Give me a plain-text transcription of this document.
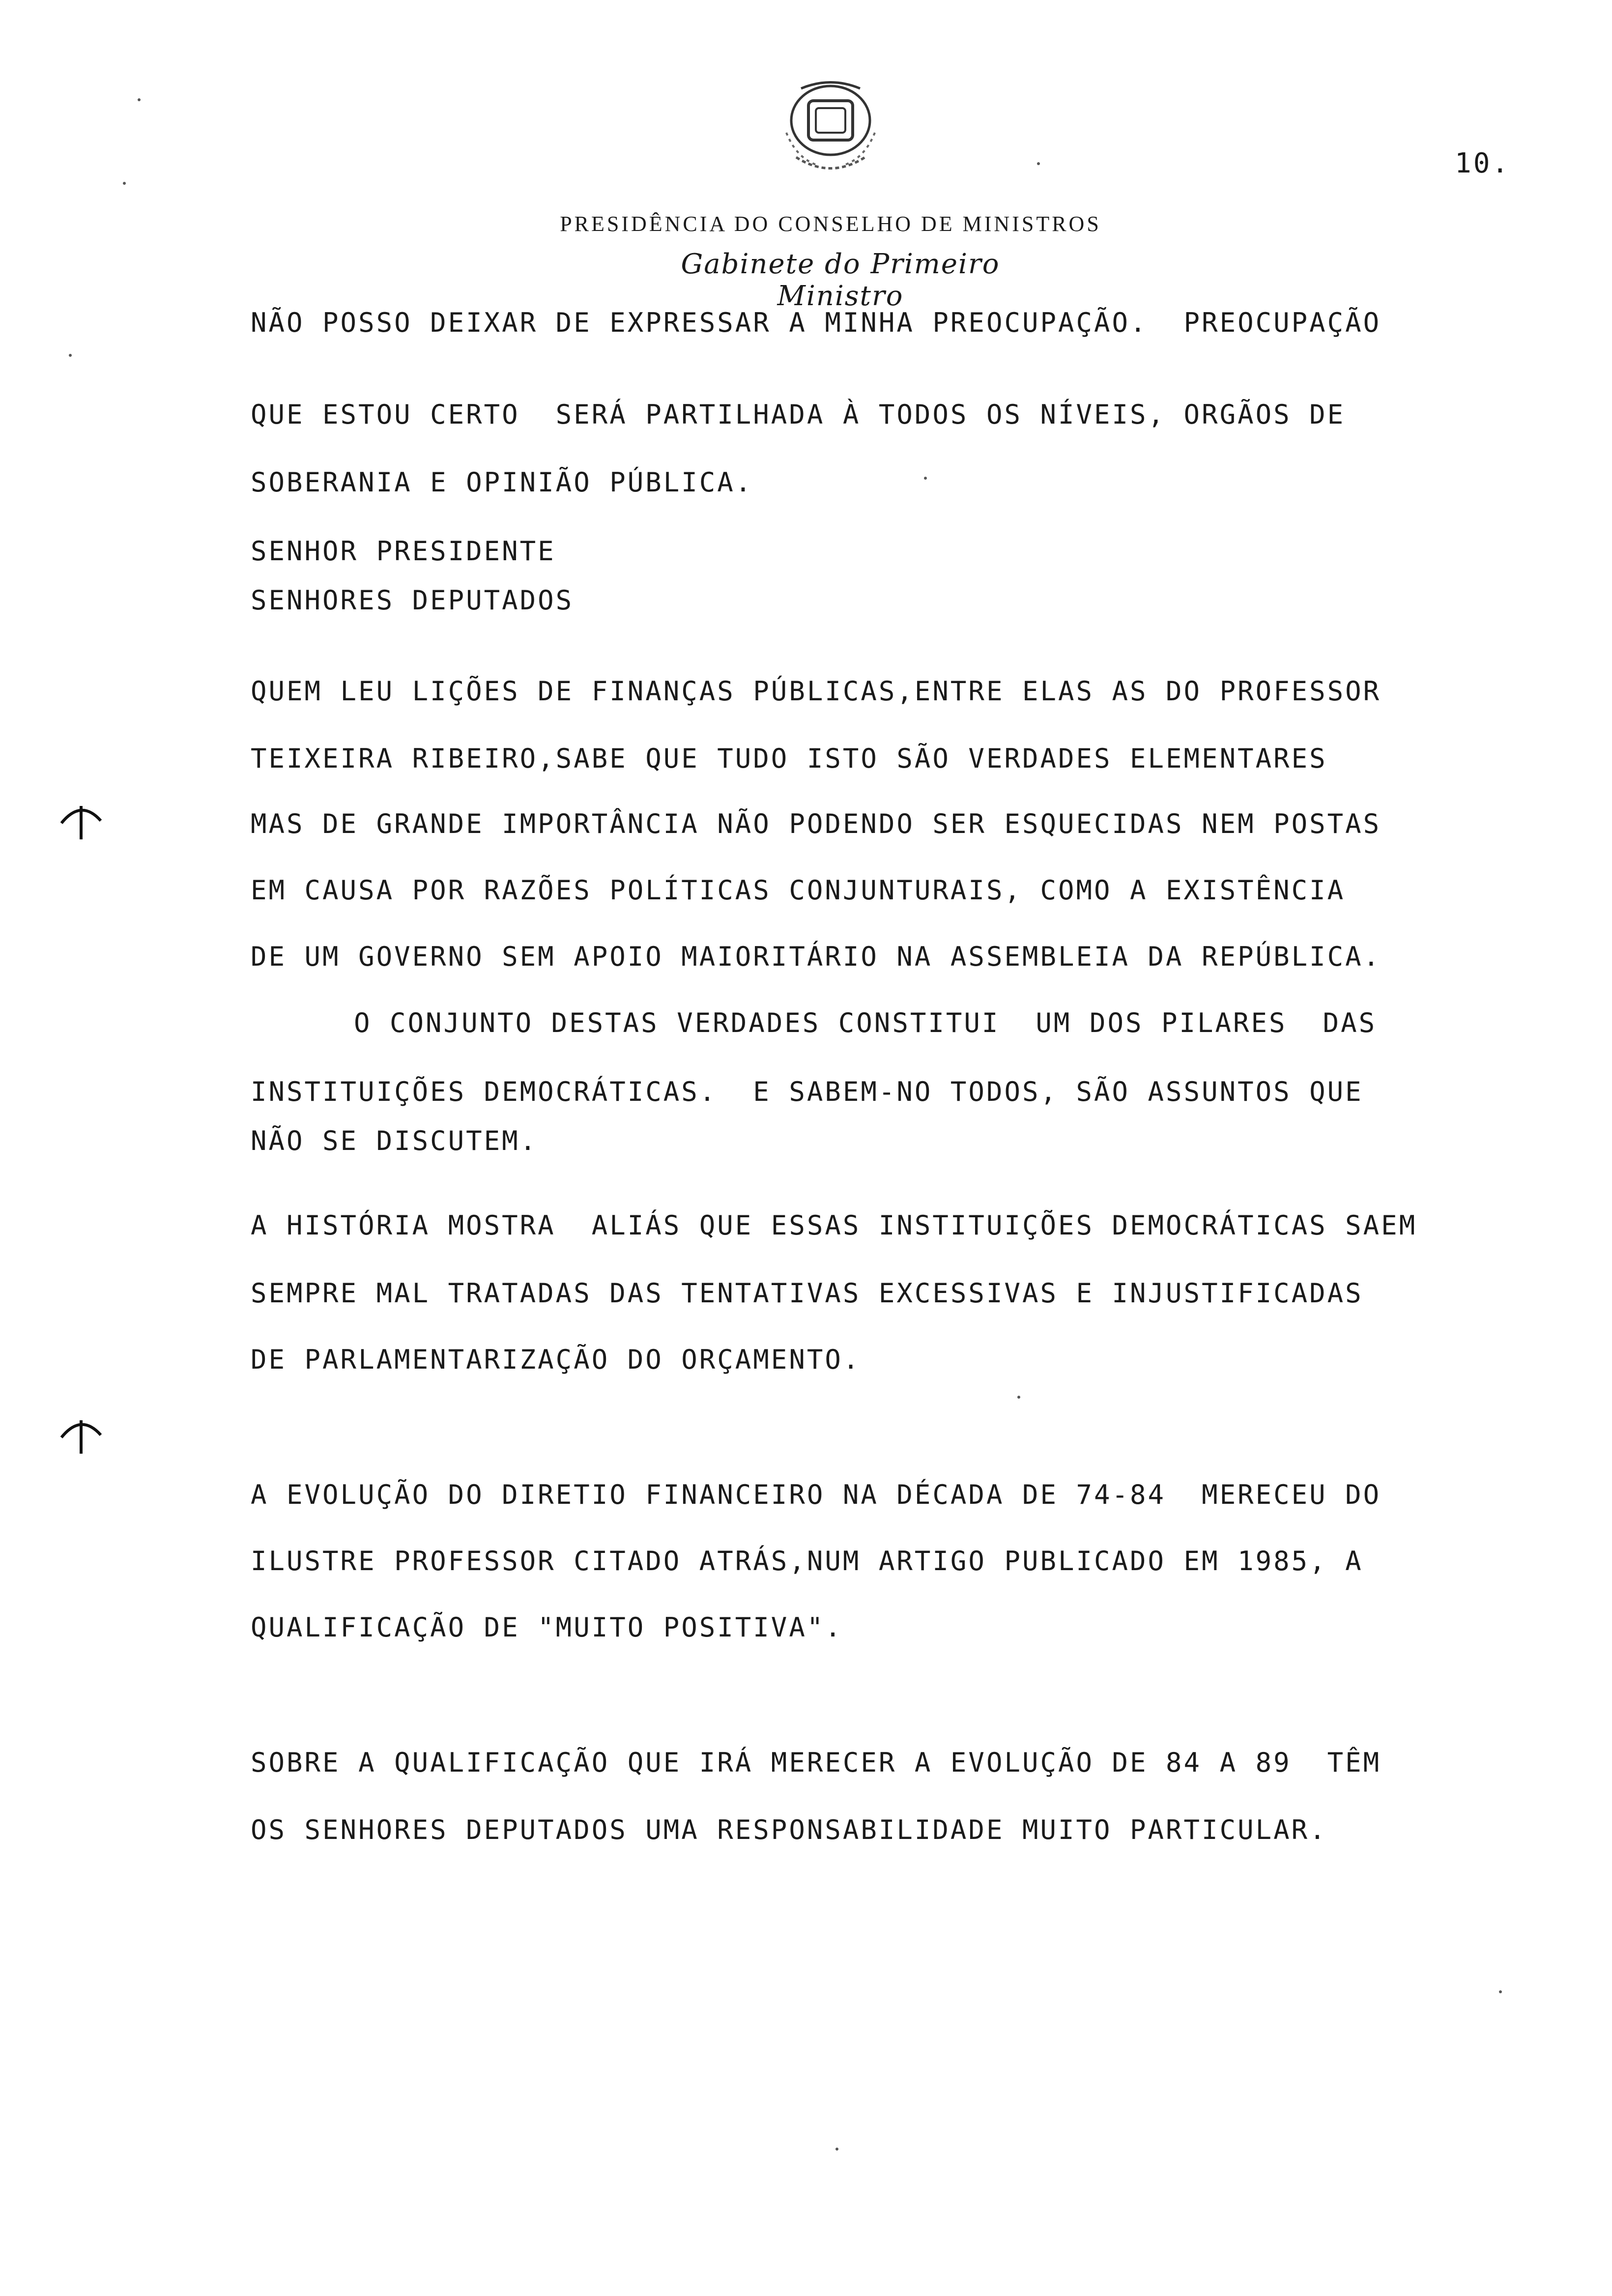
10.
PRESIDÊNCIA DO CONSELHO DE MINISTROS
Gabinete do Primeiro Ministro
NÃO POSSO DEIXAR DE EXPRESSAR A MINHA PREOCUPAÇÃO.  PREOCUPAÇÃO
QUE ESTOU CERTO  SERÁ PARTILHADA À TODOS OS NÍVEIS, ORGÃOS DE
SOBERANIA E OPINIÃO PÚBLICA.
SENHOR PRESIDENTE
SENHORES DEPUTADOS
QUEM LEU LIÇÕES DE FINANÇAS PÚBLICAS,ENTRE ELAS AS DO PROFESSOR
TEIXEIRA RIBEIRO,SABE QUE TUDO ISTO SÃO VERDADES ELEMENTARES
MAS DE GRANDE IMPORTÂNCIA NÃO PODENDO SER ESQUECIDAS NEM POSTAS
EM CAUSA POR RAZÕES POLÍTICAS CONJUNTURAIS, COMO A EXISTÊNCIA
DE UM GOVERNO SEM APOIO MAIORITÁRIO NA ASSEMBLEIA DA REPÚBLICA.
O CONJUNTO DESTAS VERDADES CONSTITUI  UM DOS PILARES  DAS
INSTITUIÇÕES DEMOCRÁTICAS.  E SABEM-NO TODOS, SÃO ASSUNTOS QUE
NÃO SE DISCUTEM.
A HISTÓRIA MOSTRA  ALIÁS QUE ESSAS INSTITUIÇÕES DEMOCRÁTICAS SAEM
SEMPRE MAL TRATADAS DAS TENTATIVAS EXCESSIVAS E INJUSTIFICADAS
DE PARLAMENTARIZAÇÃO DO ORÇAMENTO.
A EVOLUÇÃO DO DIRETIO FINANCEIRO NA DÉCADA DE 74-84  MERECEU DO
ILUSTRE PROFESSOR CITADO ATRÁS,NUM ARTIGO PUBLICADO EM 1985, A
QUALIFICAÇÃO DE "MUITO POSITIVA".
SOBRE A QUALIFICAÇÃO QUE IRÁ MERECER A EVOLUÇÃO DE 84 A 89  TÊM
OS SENHORES DEPUTADOS UMA RESPONSABILIDADE MUITO PARTICULAR.
